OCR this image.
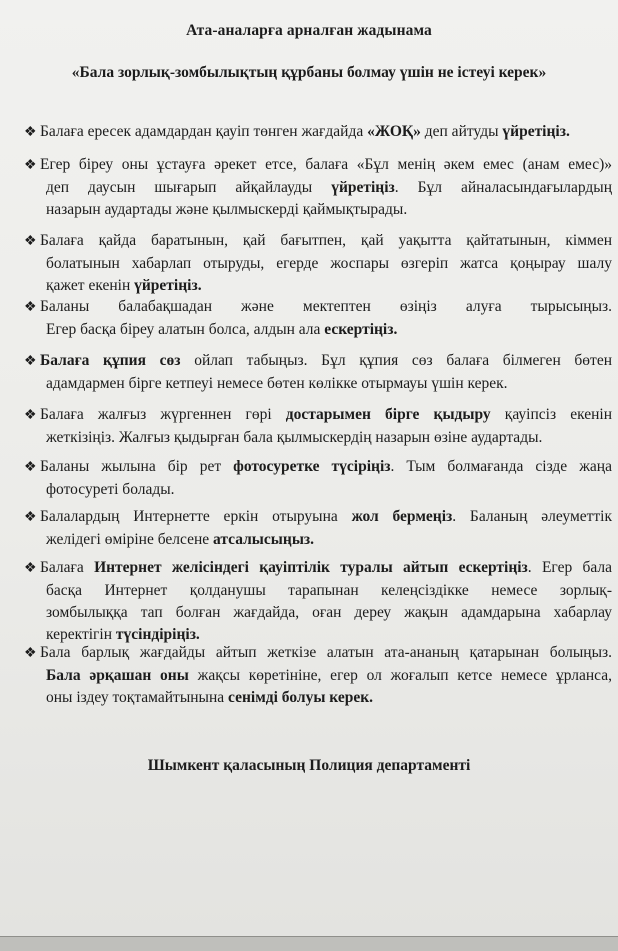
Ата-аналарға арналған жадынама
«Бала зорлық-зомбылықтың құрбаны болмау үшін не істеуі керек»
❖ Балаға ересек адамдардан қауіп төнген жағдайда «ЖОҚ» деп айтуды үйретіңіз.
❖ Егер біреу оны ұстауға әрекет етсе, балаға «Бұл менің әкем емес (анам емес)»
деп даусын шығарып айқайлауды үйретіңіз. Бұл айналасындағылардың
назарын аудартады және қылмыскерді қаймықтырады.
❖ Балаға қайда баратынын, қай бағытпен, қай уақытта қайтатынын, кіммен
болатынын хабарлап отыруды, егерде жоспары өзгеріп жатса қоңырау шалу
қажет екенін үйретіңіз.
❖ Баланы балабақшадан және мектептен өзіңіз алуға тырысыңыз.
Егер басқа біреу алатын болса, алдын ала ескертіңіз.
❖ Балаға құпия сөз ойлап табыңыз. Бұл құпия сөз балаға білмеген бөтен
адамдармен бірге кетпеуі немесе бөтен көлікке отырмауы үшін керек.
❖ Балаға жалғыз жүргеннен гөрі достарымен бірге қыдыру қауіпсіз екенін
жеткізіңіз. Жалғыз қыдырған бала қылмыскердің назарын өзіне аудартады.
❖ Баланы жылына бір рет фотосуретке түсіріңіз. Тым болмағанда сізде жаңа
фотосуреті болады.
❖ Балалардың Интернетте еркін отыруына жол бермеңіз. Баланың әлеуметтік
желідегі өміріне белсене атсалысыңыз.
❖ Балаға Интернет желісіндегі қауіптілік туралы айтып ескертіңіз. Егер бала
басқа Интернет қолданушы тарапынан келеңсіздікке немесе зорлық-
зомбылыққа тап болған жағдайда, оған дереу жақын адамдарына хабарлау
керектігін түсіндіріңіз.
❖ Бала барлық жағдайды айтып жеткізе алатын ата-ананың қатарынан болыңыз.
Бала әрқашан оны жақсы көретініне, егер ол жоғалып кетсе немесе ұрланса,
оны іздеу тоқтамайтынына сенімді болуы керек.
Шымкент қаласының Полиция департаменті
